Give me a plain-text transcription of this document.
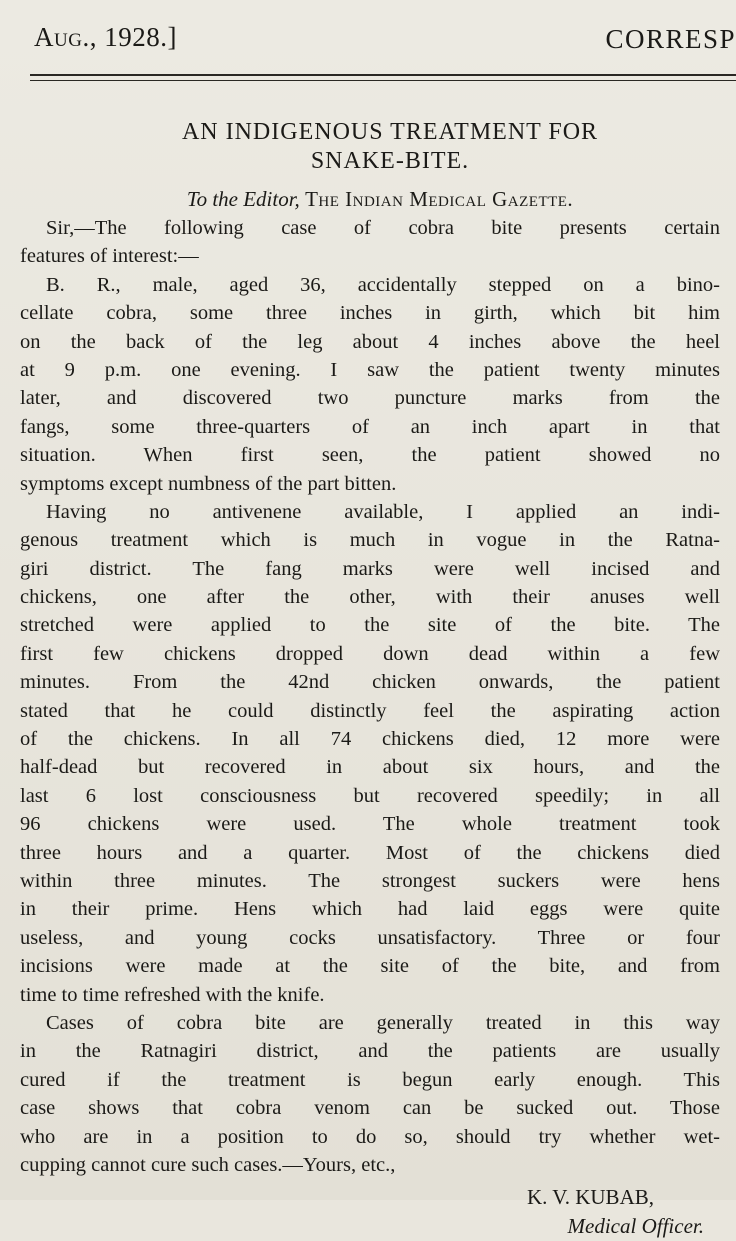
Aug., 1928.]	CORRESP
AN INDIGENOUS TREATMENT FOR
SNAKE-BITE.
To the Editor, The Indian Medical Gazette.
Sir,—The following case of cobra bite presents certain
features of interest:—
B. R., male, aged 36, accidentally stepped on a bino-
cellate cobra, some three inches in girth, which bit him
on the back of the leg about 4 inches above the heel
at 9 p.m. one evening. I saw the patient twenty minutes
later, and discovered two puncture marks from the
fangs, some three-quarters of an inch apart in that
situation. When first seen, the patient showed no
symptoms except numbness of the part bitten.
Having no antivenene available, I applied an indi-
genous treatment which is much in vogue in the Ratna-
giri district. The fang marks were well incised and
chickens, one after the other, with their anuses well
stretched were applied to the site of the bite. The
first few chickens dropped down dead within a few
minutes. From the 42nd chicken onwards, the patient
stated that he could distinctly feel the aspirating action
of the chickens. In all 74 chickens died, 12 more were
half-dead but recovered in about six hours, and the
last 6 lost consciousness but recovered speedily; in all
96 chickens were used. The whole treatment took
three hours and a quarter. Most of the chickens died
within three minutes. The strongest suckers were hens
in their prime. Hens which had laid eggs were quite
useless, and young cocks unsatisfactory. Three or four
incisions were made at the site of the bite, and from
time to time refreshed with the knife.
Cases of cobra bite are generally treated in this way
in the Ratnagiri district, and the patients are usually
cured if the treatment is begun early enough. This
case shows that cobra venom can be sucked out. Those
who are in a position to do so, should try whether wet-
cupping cannot cure such cases.—Yours, etc.,
K. V. KUBAB,
Medical Officer.
